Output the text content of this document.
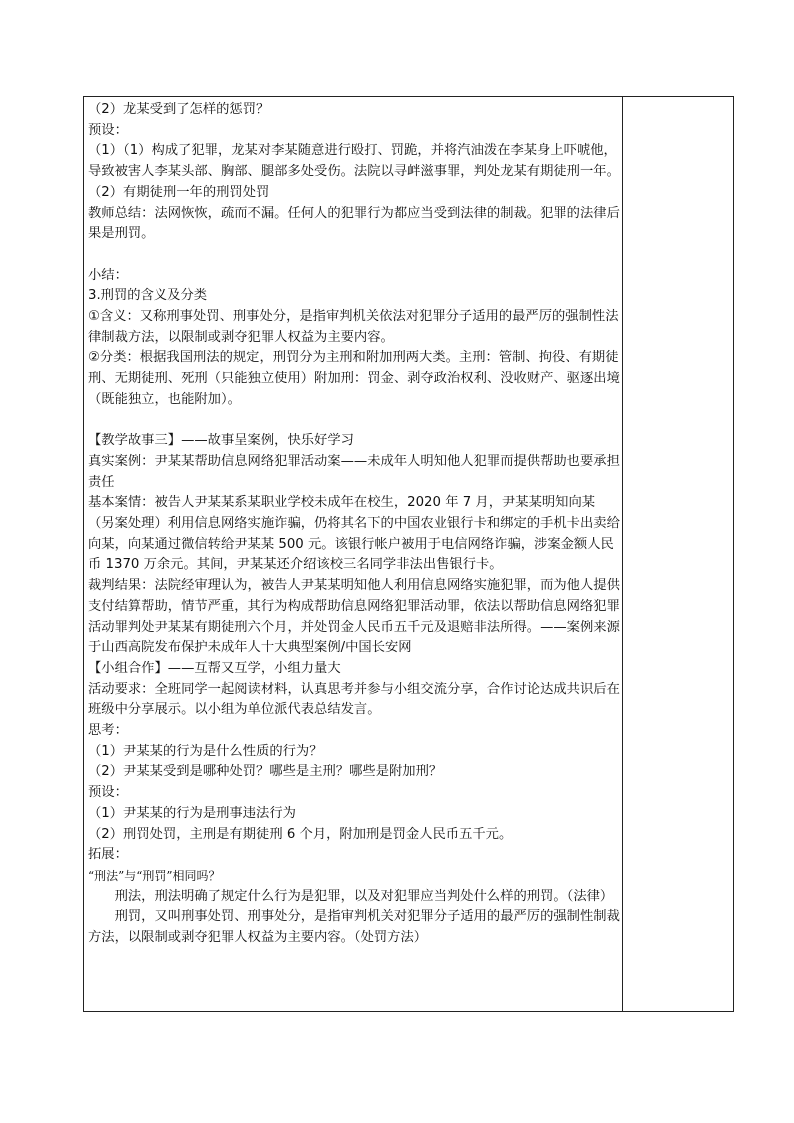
（2）龙某受到了怎样的惩罚？
预设：
（1）（1）构成了犯罪，龙某对李某随意进行殴打、罚跪，并将汽油泼在李某身上吓唬他，导致被害人李某头部、胸部、腿部多处受伤。法院以寻衅滋事罪，判处龙某有期徒刑一年。
（2）有期徒刑一年的刑罚处罚
教师总结：法网恢恢，疏而不漏。任何人的犯罪行为都应当受到法律的制裁。犯罪的法律后果是刑罚。
小结：
3.刑罚的含义及分类
①含义：又称刑事处罚、刑事处分，是指审判机关依法对犯罪分子适用的最严厉的强制性法律制裁方法，以限制或剥夺犯罪人权益为主要内容。
②分类：根据我国刑法的规定，刑罚分为主刑和附加刑两大类。主刑：管制、拘役、有期徒刑、无期徒刑、死刑（只能独立使用）附加刑：罚金、剥夺政治权利、没收财产、驱逐出境（既能独立，也能附加）。
【教学故事三】——故事呈案例，快乐好学习
真实案例：尹某某帮助信息网络犯罪活动案——未成年人明知他人犯罪而提供帮助也要承担责任
基本案情：被告人尹某某系某职业学校未成年在校生，2020 年 7 月，尹某某明知向某（另案处理）利用信息网络实施诈骗，仍将其名下的中国农业银行卡和绑定的手机卡出卖给向某，向某通过微信转给尹某某 500 元。该银行帐户被用于电信网络诈骗，涉案金额人民币 1370 万余元。其间，尹某某还介绍该校三名同学非法出售银行卡。
裁判结果：法院经审理认为，被告人尹某某明知他人利用信息网络实施犯罪，而为他人提供支付结算帮助，情节严重，其行为构成帮助信息网络犯罪活动罪，依法以帮助信息网络犯罪活动罪判处尹某某有期徒刑六个月，并处罚金人民币五千元及退赔非法所得。——案例来源于山西高院发布保护未成年人十大典型案例/中国长安网
【小组合作】——互帮又互学，小组力量大
活动要求：全班同学一起阅读材料，认真思考并参与小组交流分享，合作讨论达成共识后在班级中分享展示。以小组为单位派代表总结发言。
思考：
（1）尹某某的行为是什么性质的行为？
（2）尹某某受到是哪种处罚？哪些是主刑？哪些是附加刑？
预设：
（1）尹某某的行为是刑事违法行为
（2）刑罚处罚，主刑是有期徒刑 6 个月，附加刑是罚金人民币五千元。
拓展：
“刑法”与“刑罚”相同吗？
刑法，刑法明确了规定什么行为是犯罪，以及对犯罪应当判处什么样的刑罚。（法律）
刑罚，又叫刑事处罚、刑事处分，是指审判机关对犯罪分子适用的最严厉的强制性制裁方法，以限制或剥夺犯罪人权益为主要内容。（处罚方法）
